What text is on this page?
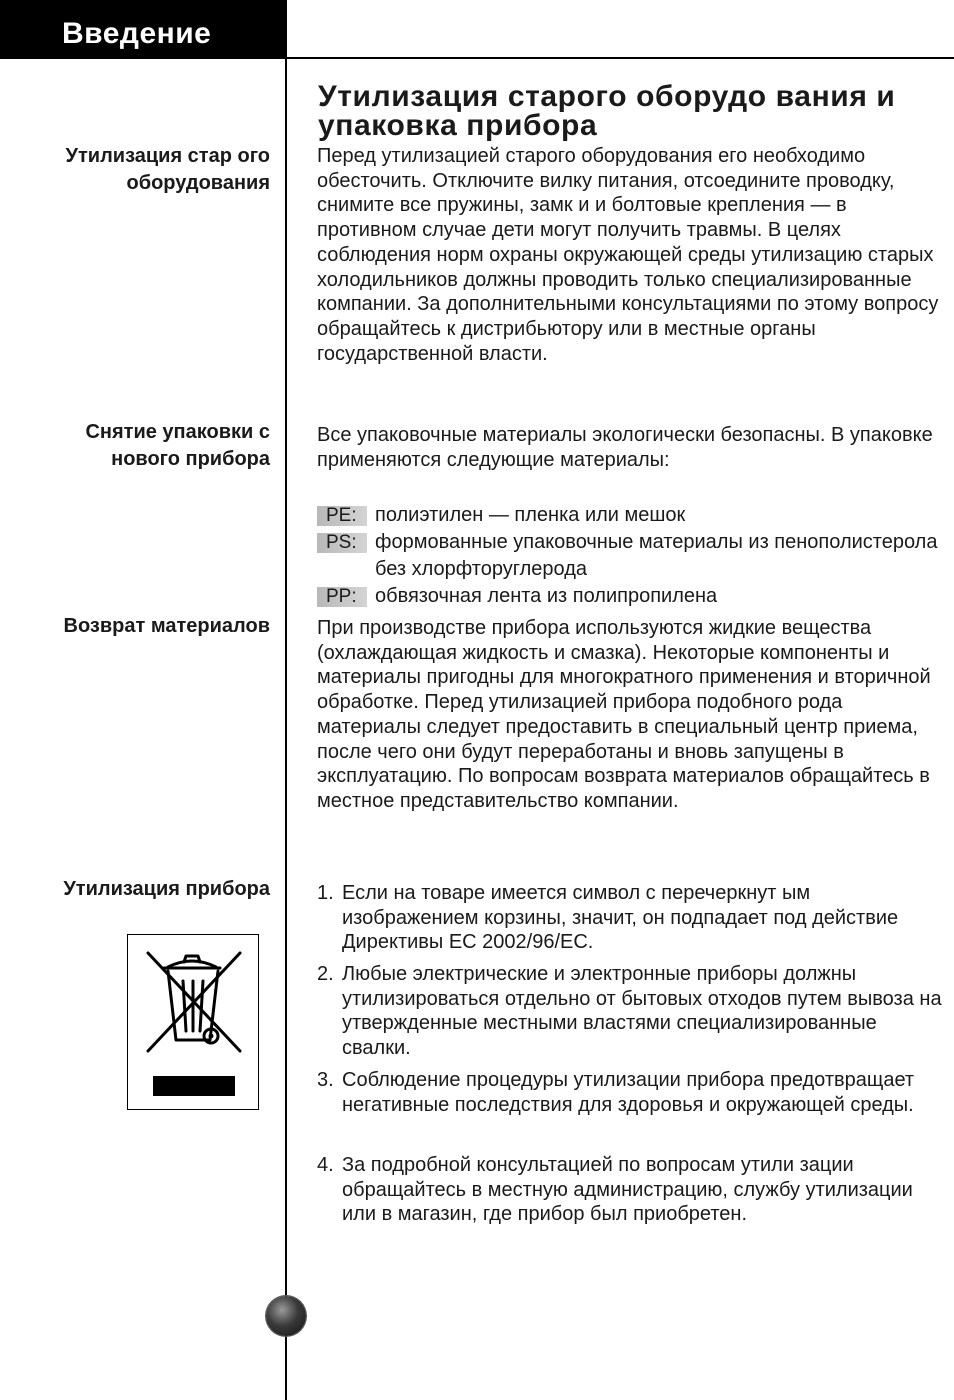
Введение
Утилизация старого оборудо вания и упаковка прибора
Утилизация стар ого оборудования
Перед утилизацией старого оборудования его необходимо обесточить. Отключите вилку питания, отсоедините проводку, снимите все пружины, замк и и болтовые крепления — в противном случае дети могут получить травмы. В целях соблюдения норм охраны окружающей среды утилизацию старых холодильников должны проводить только специализированные компании. За дополнительными консультациями по этому вопросу обращайтесь к дистрибьютору или в местные органы государственной власти.
Снятие упаковки с нового прибора
Все упаковочные материалы экологически безопасны. В упаковке применяются следующие материалы:
PE: полиэтилен — пленка или мешок
PS: формованные упаковочные материалы из пенополистерола без хлорфторуглерода
PP: обвязочная лента из полипропилена
Возврат материалов При производстве прибора используются жидкие вещества (охлаждающая жидкость и смазка). Некоторые компоненты и материалы пригодны для многократного применения и вторичной обработке. Перед утилизацией прибора подобного рода материалы следует предоставить в специальный центр приема, после чего они будут переработаны и вновь запущены в эксплуатацию. По вопросам возврата материалов обращайтесь в местное представительство компании.
Утилизация прибора 1. Если на товаре имеется символ с перечеркнут ым изображением корзины, значит, он подпадает под действие Директивы ЕС 2002/96/ЕС.
2. Любые электрические и электронные приборы должны утилизироваться отдельно от бытовых отходов путем вывоза на утвержденные местными властями специализированные свалки.
3. Соблюдение процедуры утилизации прибора предотвращает негативные последствия для здоровья и окружающей среды.
4. За подробной консультацией по вопросам утили зации обращайтесь в местную администрацию, службу утилизации или в магазин, где прибор был приобретен.
